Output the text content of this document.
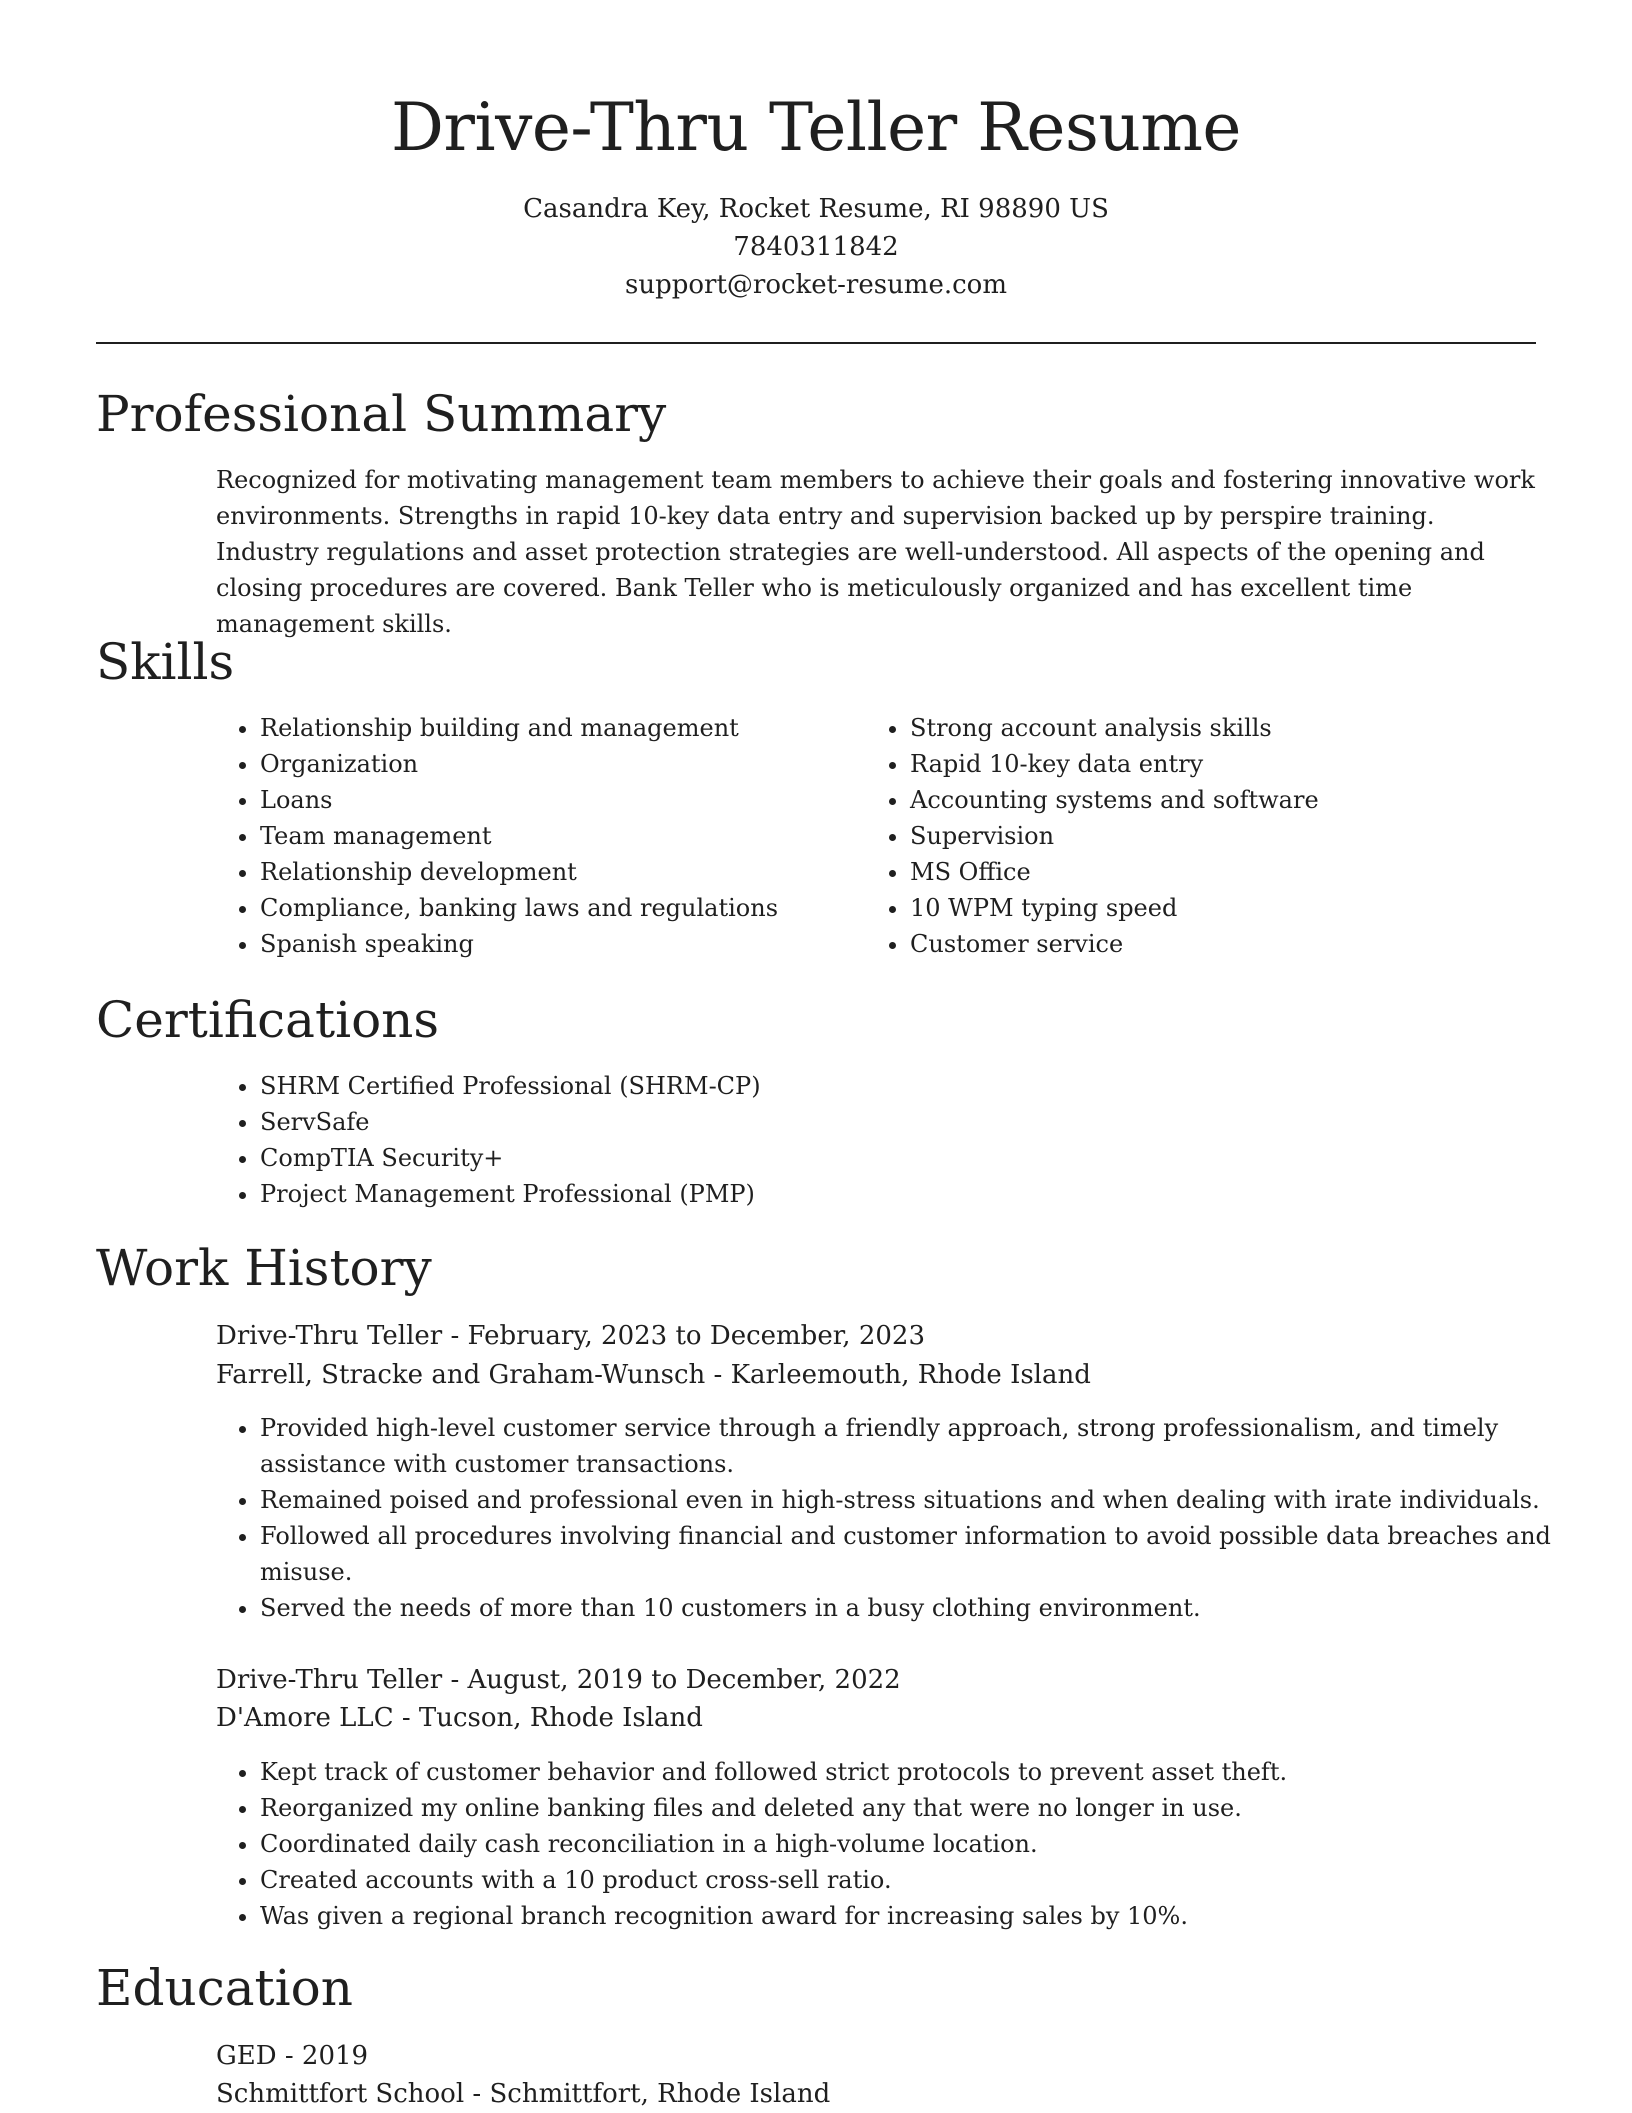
Drive-Thru Teller Resume
Casandra Key, Rocket Resume, RI 98890 US
7840311842
support@rocket-resume.com
Professional Summary

Recognized for motivating management team members to achieve their goals and fostering innovative work environments. Strengths in rapid 10-key data entry and supervision backed up by perspire training. Industry regulations and asset protection strategies are well-understood. All aspects of the opening and closing procedures are covered. Bank Teller who is meticulously organized and has excellent time management skills.

Skills
• Relationship building and management
• Organization
• Loans
• Team management
• Relationship development
• Compliance, banking laws and regulations
• Spanish speaking
• Strong account analysis skills
• Rapid 10-key data entry
• Accounting systems and software
• Supervision
• MS Office
• 10 WPM typing speed
• Customer service
Certifications
• SHRM Certified Professional (SHRM-CP)
• ServSafe
• CompTIA Security+
• Project Management Professional (PMP)
Work History
Drive-Thru Teller - February, 2023 to December, 2023
Farrell, Stracke and Graham-Wunsch - Karleemouth, Rhode Island
• Provided high-level customer service through a friendly approach, strong professionalism, and timely assistance with customer transactions.
• Remained poised and professional even in high-stress situations and when dealing with irate individuals.
• Followed all procedures involving financial and customer information to avoid possible data breaches and misuse.
• Served the needs of more than 10 customers in a busy clothing environment.
Drive-Thru Teller - August, 2019 to December, 2022
D'Amore LLC - Tucson, Rhode Island
• Kept track of customer behavior and followed strict protocols to prevent asset theft.
• Reorganized my online banking files and deleted any that were no longer in use.
• Coordinated daily cash reconciliation in a high-volume location.
• Created accounts with a 10 product cross-sell ratio.
• Was given a regional branch recognition award for increasing sales by 10%.
Education
GED - 2019
Schmittfort School - Schmittfort, Rhode Island
